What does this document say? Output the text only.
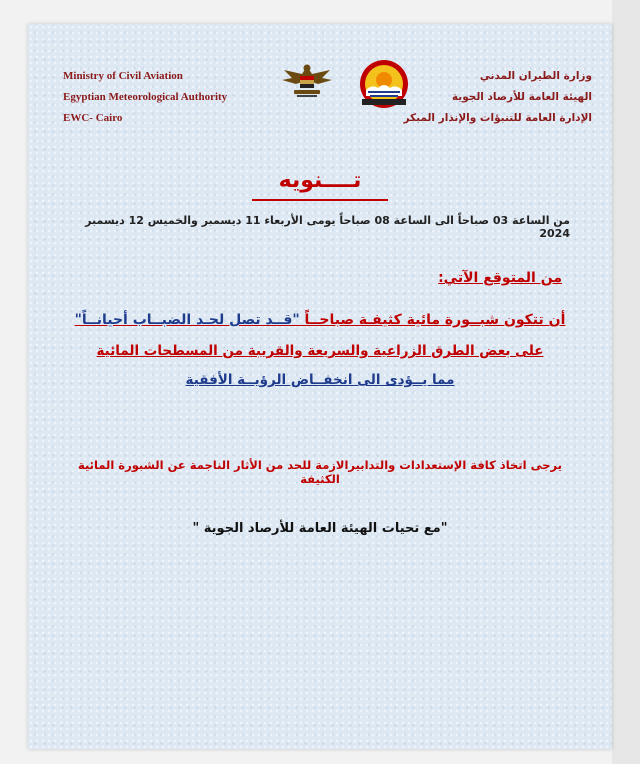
Ministry of Civil Aviation
Egyptian Meteorological Authority
EWC- Cairo
وزارة الطيران المدني
الهيئة العامة للأرصاد الجوية
الإدارة العامة للتنبؤات والإنذار المبكر
تــــنويه
من الساعة 03 صباحاً الى الساعة 08 صباحاً يومى الأربعاء 11 ديسمبر والخميس 12 ديسمبر 2024
من المتوقع الآتي:
أن تتكون شبــورة مائية كثيفـة صباحــاً "قــد تصل لحـد الضبــاب أحيانــاً"
على بعض الطرق الزراعية والسريعة والقريبة من المسطحات المائية
مما يــؤدى الى انخفــاض الرؤيــة الأفقية
يرجى اتخاذ كافة الإستعدادات والتدابيرالازمة للحد من الأثار الناجمة عن الشبورة المائية الكثيفة
"مع تحيات الهيئة العامة للأرصاد الجوية "
